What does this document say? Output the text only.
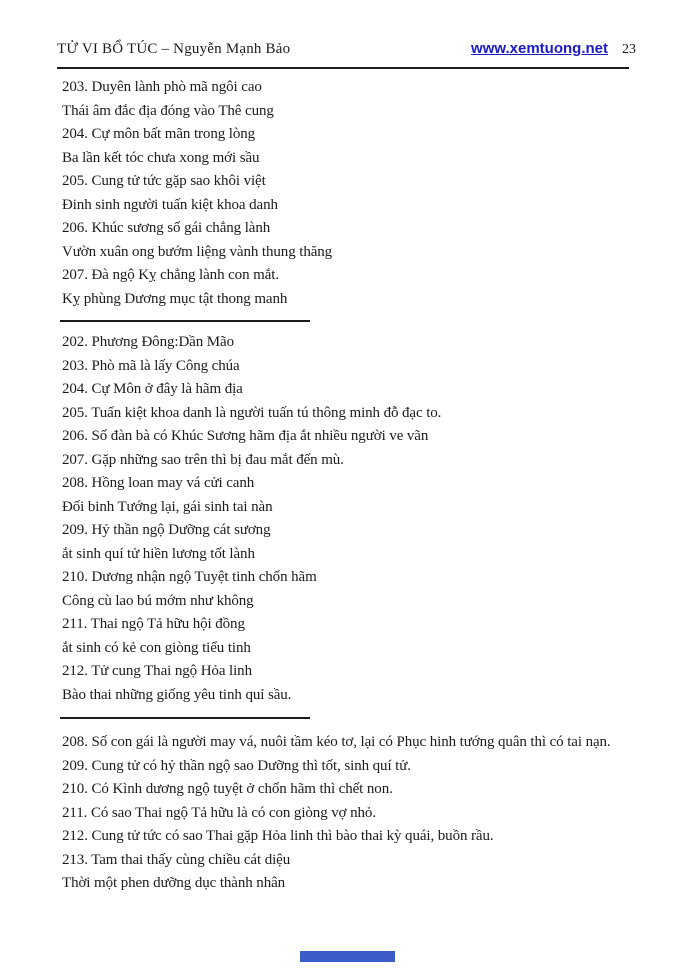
TỬ VI BỔ TÚC – Nguyễn Mạnh Bảo	www.xemtuong.net 23

203. Duyên lành phò mã ngôi cao

Thái âm đắc địa đóng vào Thê cung

204. Cự môn bất mãn trong lòng

Ba lần kết tóc chưa xong mới sầu

205. Cung tử tức gặp sao khôi việt

Đinh sinh người tuấn kiệt khoa danh

206. Khúc sương số gái chẳng lành

Vườn xuân ong bướm liệng vành thung thăng

207. Đà ngộ Kỵ chẳng lành con mắt.

Kỵ phùng Dương mục tật thong manh

202. Phương Đông:Dần Mão

203. Phò mã là lấy Công chúa

204. Cự Môn ở đây là hãm địa

205. Tuấn kiệt khoa danh là người tuấn tú thông minh đỗ đạc to.

206. Số đàn bà có Khúc Sương hãm địa ắt nhiều người ve vãn

207. Gặp những sao trên thì bị đau mắt đến mù.

208. Hồng loan may vá cửi canh

Đối binh Tướng lại, gái sinh tai nàn

209. Hỷ thần ngộ Dưỡng cát sương

ắt sinh quí tử hiền lương tốt lành

210. Dương nhận ngộ Tuyệt tinh chốn hãm

Công cù lao bú mớm như không

211. Thai ngộ Tả hữu hội đồng

ắt sinh có kẻ con giòng tiểu tinh

212. Tử cung Thai ngộ Hỏa linh

Bào thai những giống yêu tinh quỉ sầu.

208. Số con gái là người may vá, nuôi tầm kéo tơ, lại có Phục hinh tướng quân thì có tai nạn.

209. Cung tử có hỷ thần ngộ sao Dưỡng thì tốt, sinh quí tử.

210. Có Kình dương ngộ tuyệt ở chốn hãm thì chết non.

211. Có sao Thai ngộ Tả hữu là có con giòng vợ nhỏ.

212. Cung tử tức có sao Thai gặp Hỏa linh thì bào thai kỳ quái, buồn rầu.

213. Tam thai thấy cùng chiều cát diệu

Thời một phen dưỡng dục thành nhân
